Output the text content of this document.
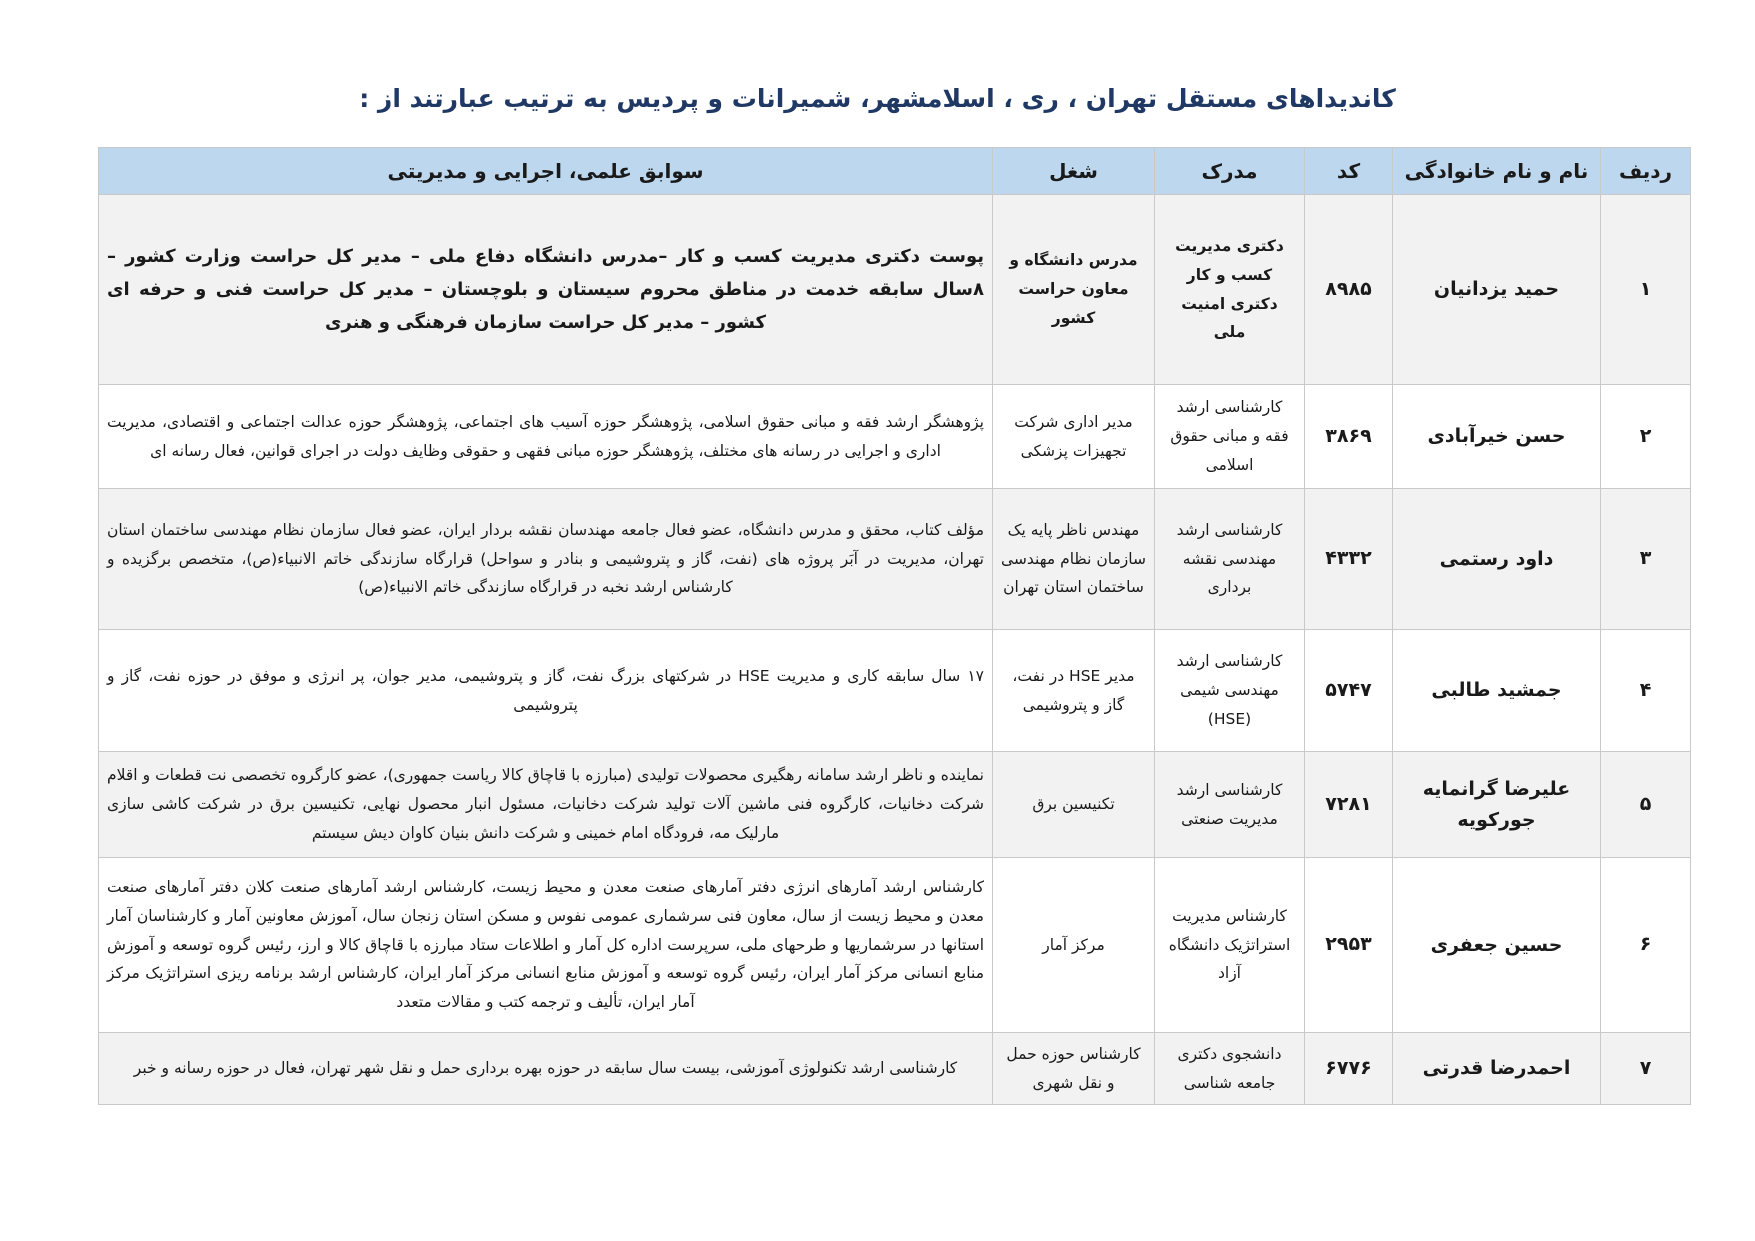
کاندیداهای مستقل تهران ، ری ، اسلامشهر، شمیرانات و پردیس به ترتیب عبارتند از :
ردیف	نام و نام خانوادگی	کد	مدرک	شغل	سوابق علمی، اجرایی و مدیریتی
۱	حمید یزدانیان	۸۹۸۵	دکتری مدیریت کسب و کار دکتری امنیت ملی	مدرس دانشگاه و معاون حراست کشور	پوست دکتری مدیریت کسب و کار –مدرس دانشگاه دفاع ملی – مدیر کل حراست وزارت کشور – ۸سال سابقه خدمت در مناطق محروم سیستان و بلوچستان – مدیر کل حراست فنی و حرفه ای کشور – مدیر کل حراست سازمان فرهنگی و هنری
۲	حسن خیرآبادی	۳۸۶۹	کارشناسی ارشد فقه و مبانی حقوق اسلامی	مدیر اداری شرکت تجهیزات پزشکی	پژوهشگر ارشد فقه و مبانی حقوق اسلامی، پژوهشگر حوزه آسیب های اجتماعی، پژوهشگر حوزه عدالت اجتماعی و اقتصادی، مدیریت اداری و اجرایی در رسانه های مختلف، پژوهشگر حوزه مبانی فقهی و حقوقی وظایف دولت در اجرای قوانین، فعال رسانه ای
۳	داود رستمی	۴۳۳۲	کارشناسی ارشد مهندسی نقشه برداری	مهندس ناظر پایه یک سازمان نظام مهندسی ساختمان استان تهران	مؤلف کتاب، محقق و مدرس دانشگاه، عضو فعال جامعه مهندسان نقشه بردار ایران، عضو فعال سازمان نظام مهندسی ساختمان استان تهران، مدیریت در آبَر پروژه های (نفت، گاز و پتروشیمی و بنادر و سواحل) قرارگاه سازندگی خاتم الانبیاء(ص)، متخصص برگزیده و کارشناس ارشد نخبه در قرارگاه سازندگی خاتم الانبیاء(ص)
۴	جمشید طالبی	۵۷۴۷	کارشناسی ارشد مهندسی شیمی (HSE)	مدیر HSE در نفت، گاز و پتروشیمی	۱۷ سال سابقه کاری و مدیریت HSE در شرکتهای بزرگ نفت، گاز و پتروشیمی، مدیر جوان، پر انرژی و موفق در حوزه نفت، گاز و پتروشیمی
۵	علیرضا گرانمایه جورکویه	۷۲۸۱	کارشناسی ارشد مدیریت صنعتی	تکنیسین برق	نماینده و ناظر ارشد سامانه رهگیری محصولات تولیدی (مبارزه با قاچاق کالا ریاست جمهوری)، عضو کارگروه تخصصی نت قطعات و اقلام شرکت دخانیات، کارگروه فنی ماشین آلات تولید شرکت دخانیات، مسئول انبار محصول نهایی، تکنیسین برق در شرکت کاشی سازی مارلیک مه، فرودگاه امام خمینی و شرکت دانش بنیان کاوان دیش سیستم
۶	حسین جعفری	۲۹۵۳	کارشناس مدیریت استراتژیک دانشگاه آزاد	مرکز آمار	کارشناس ارشد آمارهای انرژی دفتر آمارهای صنعت معدن و محیط زیست، کارشناس ارشد آمارهای صنعت کلان دفتر آمارهای صنعت معدن و محیط زیست از سال، معاون فنی سرشماری عمومی نفوس و مسکن استان زنجان سال، آموزش معاونین آمار و کارشناسان آمار استانها در سرشماریها و طرحهای ملی، سرپرست اداره کل آمار و اطلاعات ستاد مبارزه با قاچاق کالا و ارز، رئیس گروه توسعه و آموزش منابع انسانی مرکز آمار ایران، رئیس گروه توسعه و آموزش منابع انسانی مرکز آمار ایران، کارشناس ارشد برنامه ریزی استراتژیک مرکز آمار ایران، تألیف و ترجمه کتب و مقالات متعدد
۷	احمدرضا قدرتی	۶۷۷۶	دانشجوی دکتری جامعه شناسی	کارشناس حوزه حمل و نقل شهری	کارشناسی ارشد تکنولوژی آموزشی، بیست سال سابقه در حوزه بهره برداری حمل و نقل شهر تهران، فعال در حوزه رسانه و خبر
